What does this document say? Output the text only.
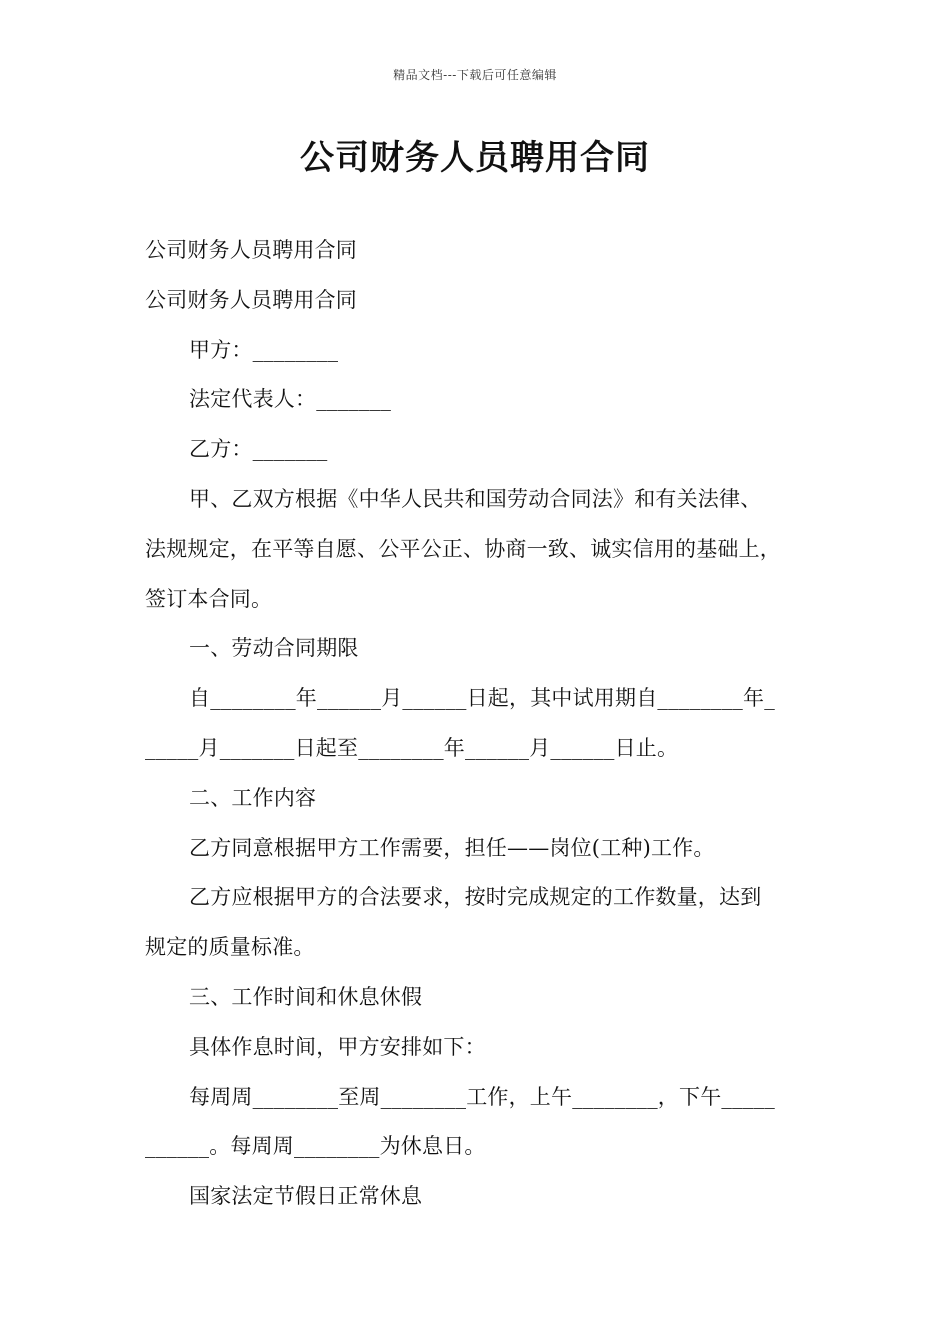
精品文档---下载后可任意编辑
公司财务人员聘用合同
公司财务人员聘用合同
公司财务人员聘用合同
甲方：________
法定代表人：_______
乙方：_______
甲、乙双方根据《中华人民共和国劳动合同法》和有关法律、
法规规定，在平等自愿、公平公正、协商一致、诚实信用的基础上，
签订本合同。
一、劳动合同期限
自________年______月______日起，其中试用期自________年_
_____月_______日起至________年______月______日止。
二、工作内容
乙方同意根据甲方工作需要，担任——岗位(工种)工作。
乙方应根据甲方的合法要求，按时完成规定的工作数量，达到
规定的质量标准。
三、工作时间和休息休假
具体作息时间，甲方安排如下：
每周周________至周________工作，上午________，下午_____
______。每周周________为休息日。
国家法定节假日正常休息
